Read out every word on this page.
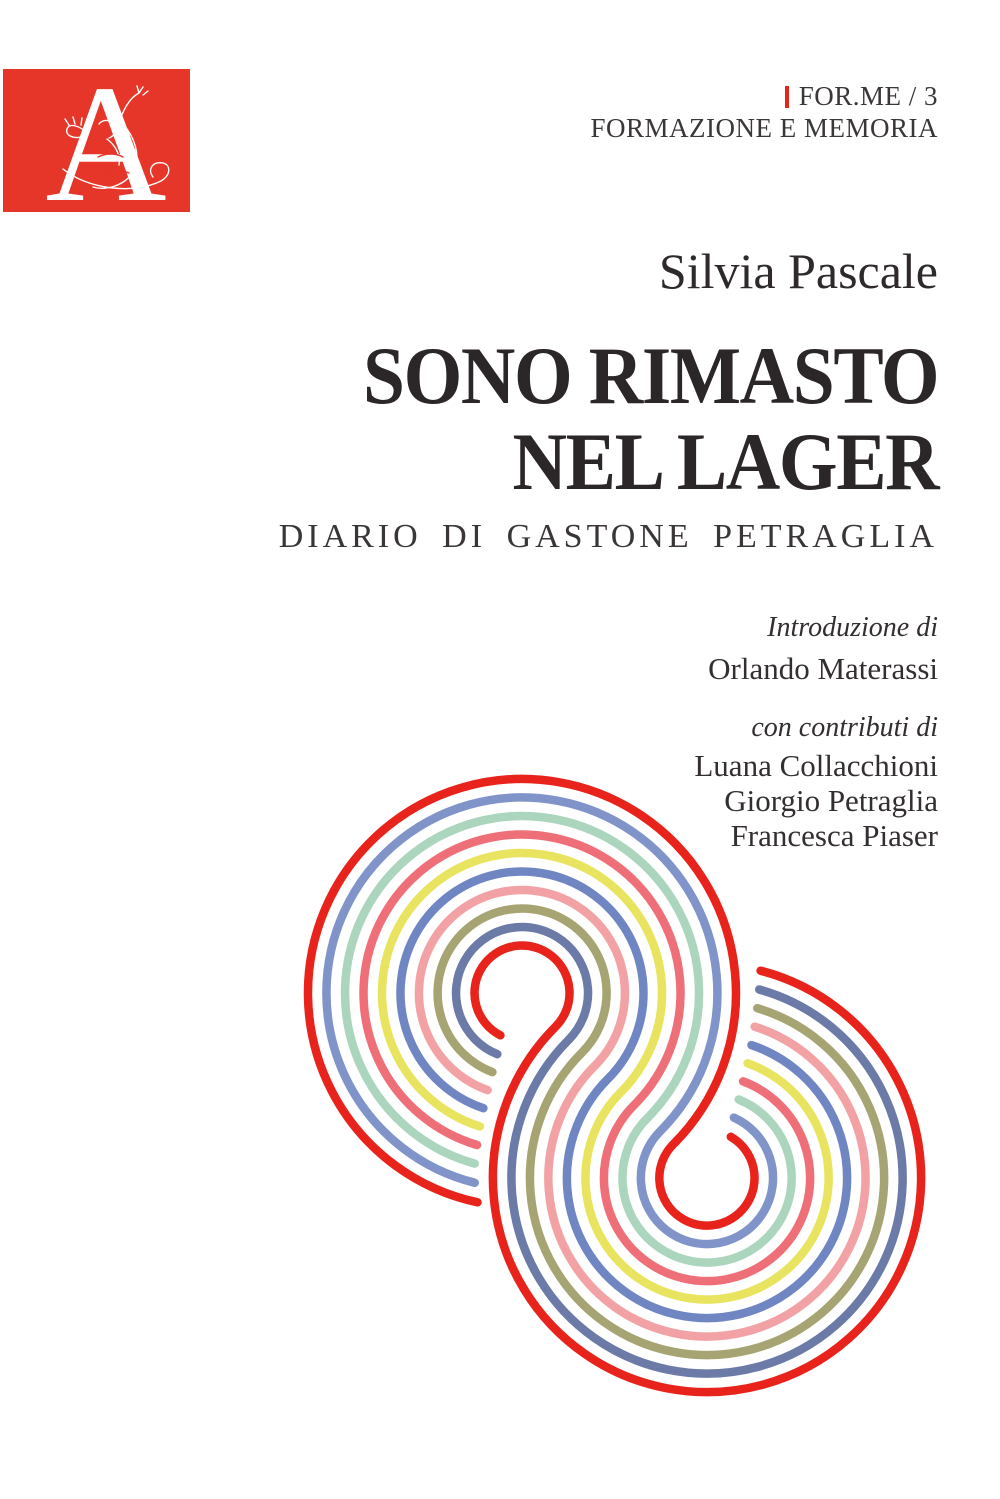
A	FOR.ME / 3
FORMAZIONE E MEMORIA
Silvia Pascale
SONO RIMASTO
NEL LAGER
DIARIO DI GASTONE PETRAGLIA
Introduzione di
Orlando Materassi
con contributi di
Luana Collacchioni
Giorgio Petraglia
Francesca Piaser
